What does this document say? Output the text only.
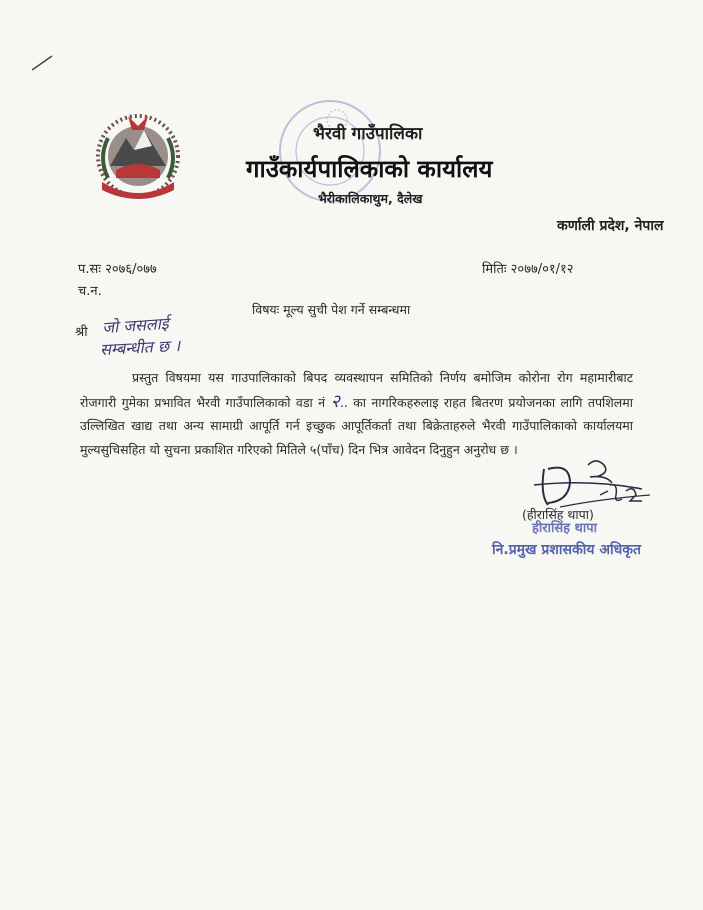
भैरवी गाउँपालिका
गाउँकार्यपालिकाको कार्यालय
भैरीकालिकाथुम, दैलेख
कर्णाली प्रदेश, नेपाल
प.सः २०७६/०७७
च.न.
मितिः २०७७/०१/१२
विषयः मूल्य सुची पेश गर्ने सम्बन्धमा
श्री जो जसलाई
सम्बन्धीत छ ।
प्रस्तुत विषयमा यस गाउपालिकाको बिपद व्यवस्थापन समितिको निर्णय बमोजिम कोरोना रोग महामारीबाट रोजगारी गुमेका प्रभावित भैरवी गाउँपालिकाको वडा नं २.. का नागरिकहरुलाइ राहत बितरण प्रयोजनका लागि तपशिलमा उल्लिखित खाद्य तथा अन्य सामाग्री आपूर्ति गर्न इच्छुक आपूर्तिकर्ता तथा बिक्रेताहरुले भैरवी गाउँपालिकाको कार्यालयमा मुल्यसुचिसहित यो सुचना प्रकाशित गरिएको मितिले ५(पाँच) दिन भित्र आवेदन दिनुहुन अनुरोध छ ।
(हीरासिंह थापा)
हीरासिंह थापा
नि.प्रमुख प्रशासकीय अधिकृत
